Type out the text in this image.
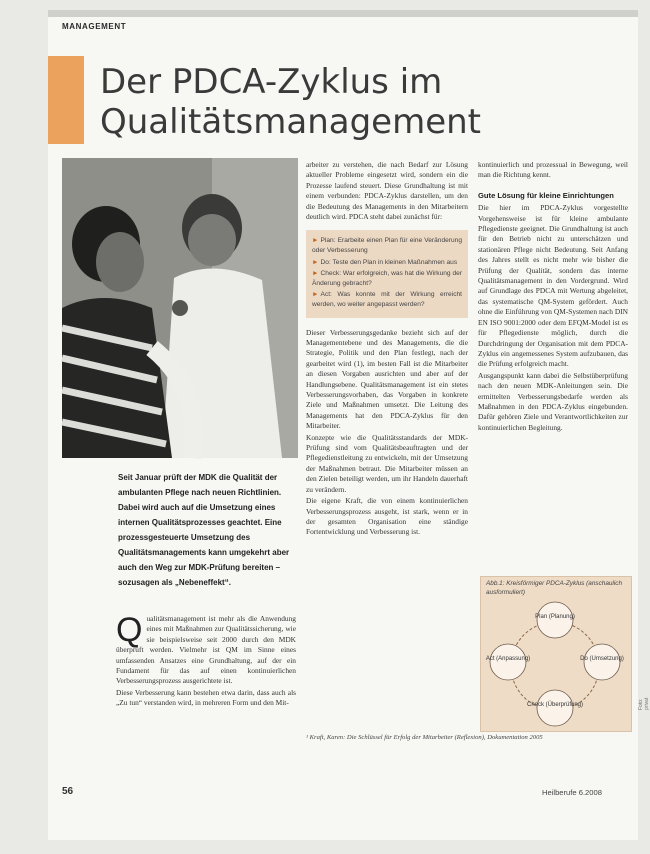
MANAGEMENT
Der PDCA-Zyklus im
Qualitätsmanagement

Seit Januar prüft der MDK die Qualität der ambulanten Pflege nach neuen Richtlinien. Dabei wird auch auf die Umsetzung eines internen Qualitätsprozesses geachtet. Eine prozessgesteuerte Umsetzung des Qualitätsmanagements kann umgekehrt aber auch den Weg zur MDK-Prüfung bereiten – sozusagen als „Nebeneffekt“.

Qualitätsmanagement ist mehr als die Anwendung eines mit Maßnahmen zur Qualitätssicherung, wie sie beispielsweise seit 2000 durch den MDK überprüft werden. Vielmehr ist QM im Sinne eines umfassenden Ansatzes eine Grundhaltung, auf der ein Fundament für das auf einen kontinuierlichen Verbesserungsprozess ausgerichtete ist.

Diese Verbesserung kann bestehen etwa darin, dass auch als „Zu tun“ verstanden wird, in mehreren Form und den Mit-

arbeiter zu verstehen, die nach Bedarf zur Lösung aktueller Probleme eingesetzt wird, sondern ein die Prozesse laufend steuert. Diese Grundhaltung ist mit einem verbunden: PDCA-Zyklus darstellen, um den die Bedeutung des Managements in den Mitarbeitern deutlich wird. PDCA steht dabei zunächst für:

► Plan: Erarbeite einen Plan für eine Veränderung oder Verbesserung
► Do: Teste den Plan in kleinen Maßnahmen aus
► Check: War erfolgreich, was hat die Wirkung der Änderung gebracht?
► Act: Was konnte mit der Wirkung erreicht werden, wo weiter angepasst werden?

Dieser Verbesserungsgedanke bezieht sich auf der Managementebene und des Managements, die die Strategie, Politik und den Plan festlegt, nach der gearbeitet wird (1), im besten Fall ist die Mitarbeiter an diesen Vorgaben ausrichten und aber auf der Handlungsebene. Qualitätsmanagement ist ein stetes Verbesserungsvorhaben, das Vorgaben in konkrete Ziele und Maßnahmen umsetzt. Die Leitung des Managements hat den PDCA-Zyklus für den Mitarbeiter.

Konzepte wie die Qualitätsstandards der MDK-Prüfung sind vom Qualitätsbeauftragten und der Pflegedienstleitung zu entwickeln, mit der Umsetzung der Maßnahmen betraut. Die Mitarbeiter müssen an den Zielen beteiligt werden, um ihr Handeln dauerhaft zu verändern.

Die eigene Kraft, die von einem kontinuierlichen Verbesserungsprozess ausgeht, ist stark, wenn er in der gesamten Organisation eine ständige Fortentwicklung und Verbesserung ist.

kontinuierlich und prozessual in Bewegung, weil man die Richtung kennt.

Gute Lösung für kleine Einrichtungen

Die hier im PDCA-Zyklus vorgestellte Vorgehensweise ist für kleine ambulante Pflegedienste geeignet. Die Grundhaltung ist auch für den Betrieb nicht zu unterschätzen und stationären Pflege nicht Bedeutung. Seit Anfang des Jahres stellt es nicht mehr wie bisher die Prüfung der Qualität, sondern das interne Qualitätsmanagement in den Vordergrund. Wird auf Grundlage des PDCA mit Wertung abgeleitet, das systematische QM-System gefördert. Auch ohne die Einführung von QM-Systemen nach DIN EN ISO 9001:2000 oder dem EFQM-Model ist es für Pflegedienste möglich, durch die Durchdringung der Organisation mit dem PDCA-Zyklus ein angemessenes System aufzubauen, das die Prüfung erfolgreich macht.

Ausgangspunkt kann dabei die Selbstüberprüfung nach den neuen MDK-Anleitungen sein. Die ermittelten Verbesserungsbedarfe werden als Maßnahmen in den PDCA-Zyklus eingebunden. Dafür gehören Ziele und Verantwortlichkeiten zur kontinuierlichen Begleitung.

Abb.1: Kreisförmiger PDCA-Zyklus (anschaulich ausformuliert)

Plan (Planung)
Do (Umsetzung)
Check (Überprüfung)
Act (Anpassung)

¹ Kraft, Karen: Die Schlüssel für Erfolg der Mitarbeiter (Reflexion), Dokumentation 2005

56	Heilberufe 6.2008
Foto: privat
